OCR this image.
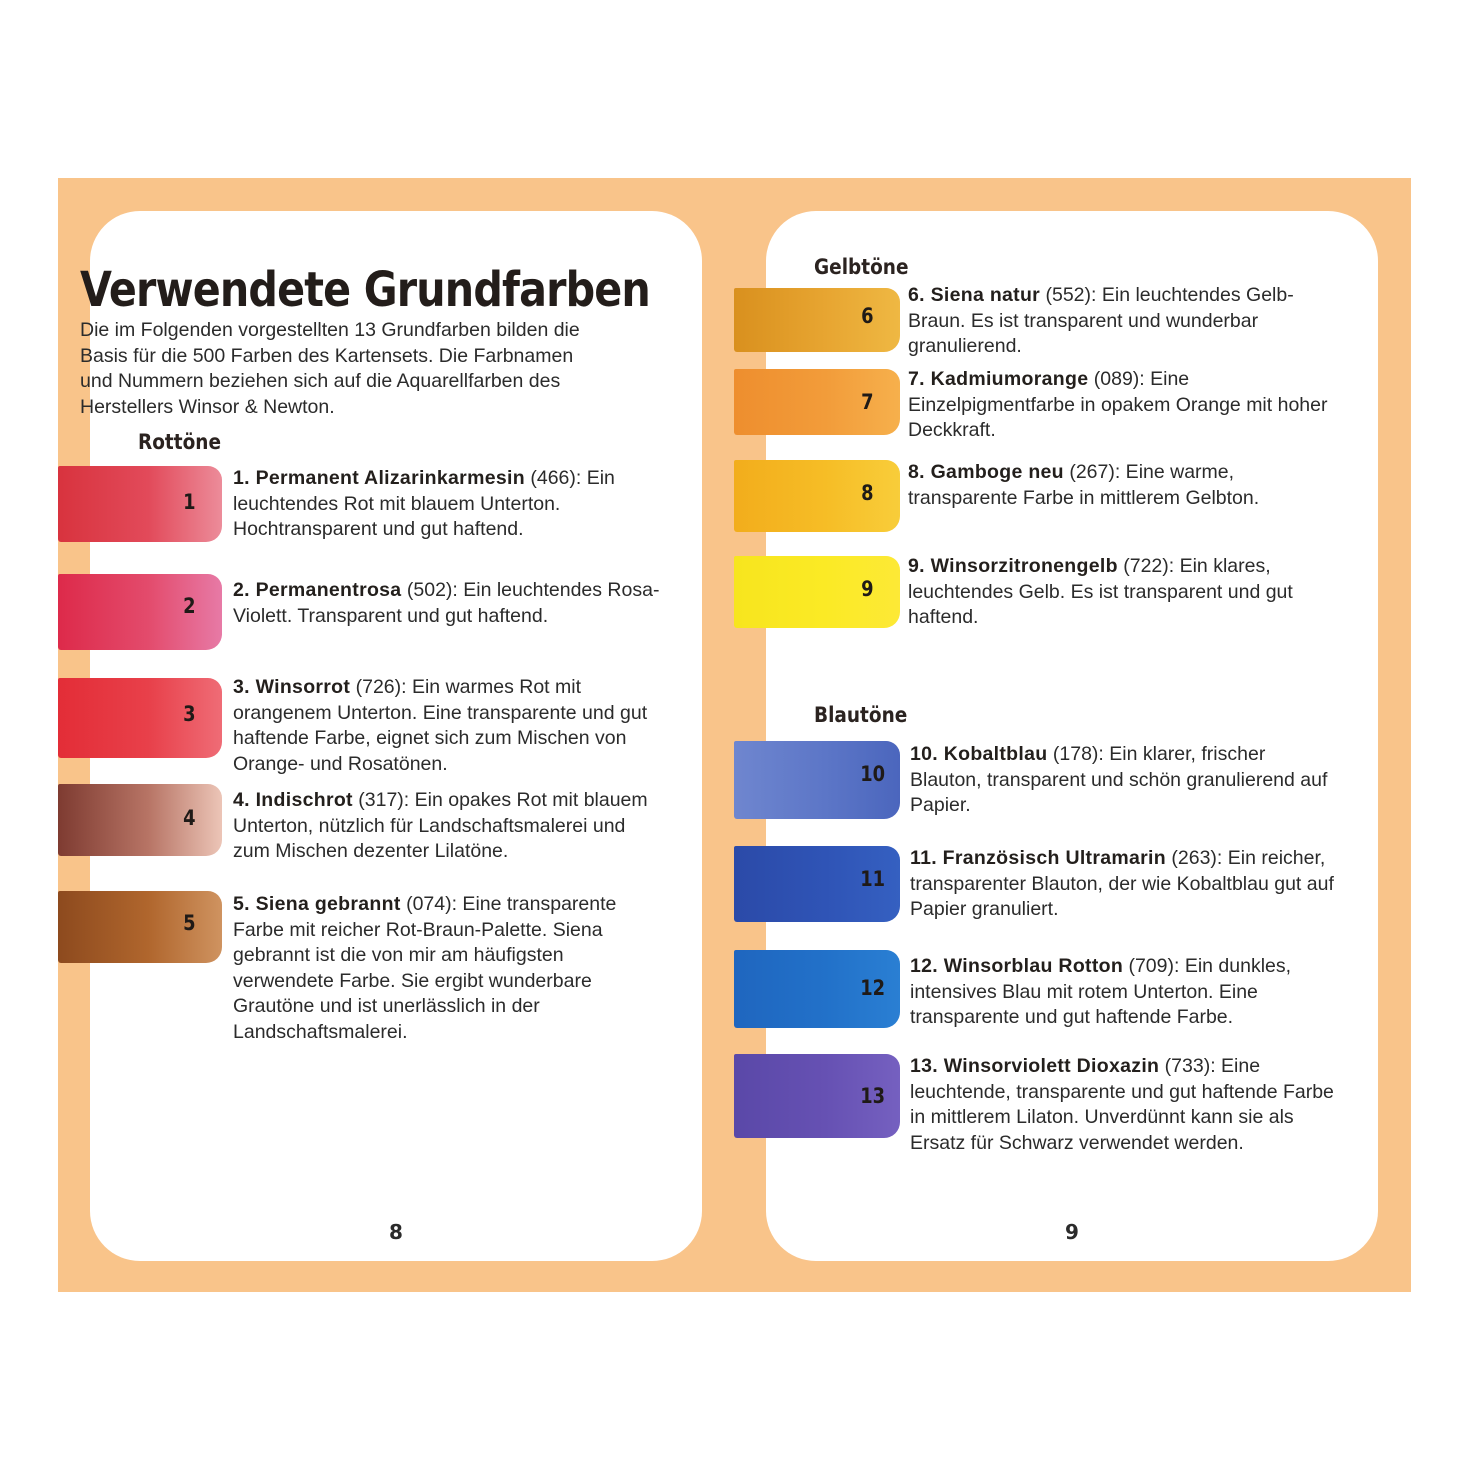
Verwendete Grundfarben
Die im Folgenden vorgestellten 13 Grundfarben bilden die Basis für die 500 Farben des Kartensets. Die Farbnamen und Nummern beziehen sich auf die Aquarellfarben des Herstellers Winsor & Newton.
Rottöne
Gelbtöne
Blautöne
1
1. Permanent Alizarinkarmesin (466): Ein leuchtendes Rot mit blauem Unterton. Hochtransparent und gut haftend.
2
2. Permanentrosa (502): Ein leuchtendes Rosa-Violett. Transparent und gut haftend.
3
3. Winsorrot (726): Ein warmes Rot mit orangenem Unterton. Eine transparente und gut haftende Farbe, eignet sich zum Mischen von Orange- und Rosatönen.
4
4. Indischrot (317): Ein opakes Rot mit blauem Unterton, nützlich für Landschaftsmalerei und zum Mischen dezenter Lilatöne.
5
5. Siena gebrannt (074): Eine transparente Farbe mit reicher Rot-Braun-Palette. Siena gebrannt ist die von mir am häufigsten verwendete Farbe. Sie ergibt wunderbare Grautöne und ist unerlässlich in der Landschaftsmalerei.
6
6. Siena natur (552): Ein leuchtendes Gelb-Braun. Es ist transparent und wunderbar granulierend.
7
7. Kadmiumorange (089): Eine Einzelpigmentfarbe in opakem Orange mit hoher Deckkraft.
8
8. Gamboge neu (267): Eine warme, transparente Farbe in mittlerem Gelbton.
9
9. Winsorzitronengelb (722): Ein klares, leuchtendes Gelb. Es ist transparent und gut haftend.
10
10. Kobaltblau (178): Ein klarer, frischer Blauton, transparent und schön granulierend auf Papier.
11
11. Französisch Ultramarin (263): Ein reicher, transparenter Blauton, der wie Kobaltblau gut auf Papier granuliert.
12
12. Winsorblau Rotton (709): Ein dunkles, intensives Blau mit rotem Unterton. Eine transparente und gut haftende Farbe.
13
13. Winsorviolett Dioxazin (733): Eine leuchtende, transparente und gut haftende Farbe in mittlerem Lilaton. Unverdünnt kann sie als Ersatz für Schwarz verwendet werden.
8	9
